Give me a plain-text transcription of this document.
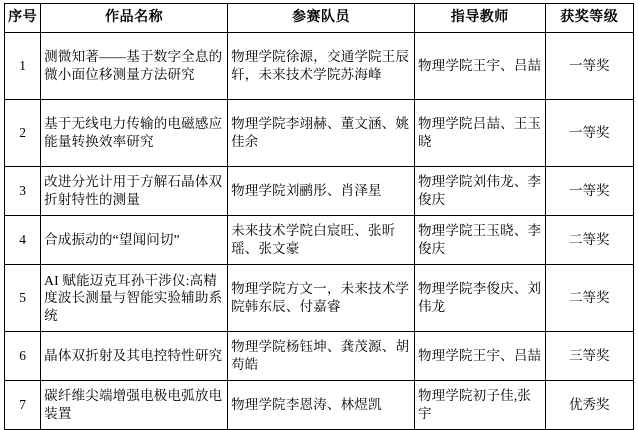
序号	作品名称	参赛队员	指导教师	获奖等级
1	测微知著——基于数字全息的微小面位移测量方法研究	物理学院徐源，交通学院王辰轩，未来技术学院苏海峰	物理学院王宇、吕喆	一等奖
2	基于无线电力传输的电磁感应能量转换效率研究	物理学院李翊赫、董文涵、姚佳余	物理学院吕喆、王玉晓	一等奖
3	改进分光计用于方解石晶体双折射特性的测量	物理学院刘鹂彤、肖泽星	物理学院刘伟龙、李俊庆	一等奖
4	合成振动的“望闻问切”	未来技术学院白宸旺、张昕瑶、张文豪	物理学院王玉晓、李俊庆	二等奖
5	AI 赋能迈克耳孙干涉仪:高精度波长测量与智能实验辅助系统	物理学院方文一，未来技术学院韩东辰、付嘉睿	物理学院李俊庆、刘伟龙	二等奖
6	晶体双折射及其电控特性研究	物理学院杨钰坤、龚茂源、胡苟皓	物理学院王宇、吕喆	三等奖
7	碳纤维尖端增强电极电弧放电装置	物理学院李恩涛、林煜凯	物理学院初子佳,张宇	优秀奖
